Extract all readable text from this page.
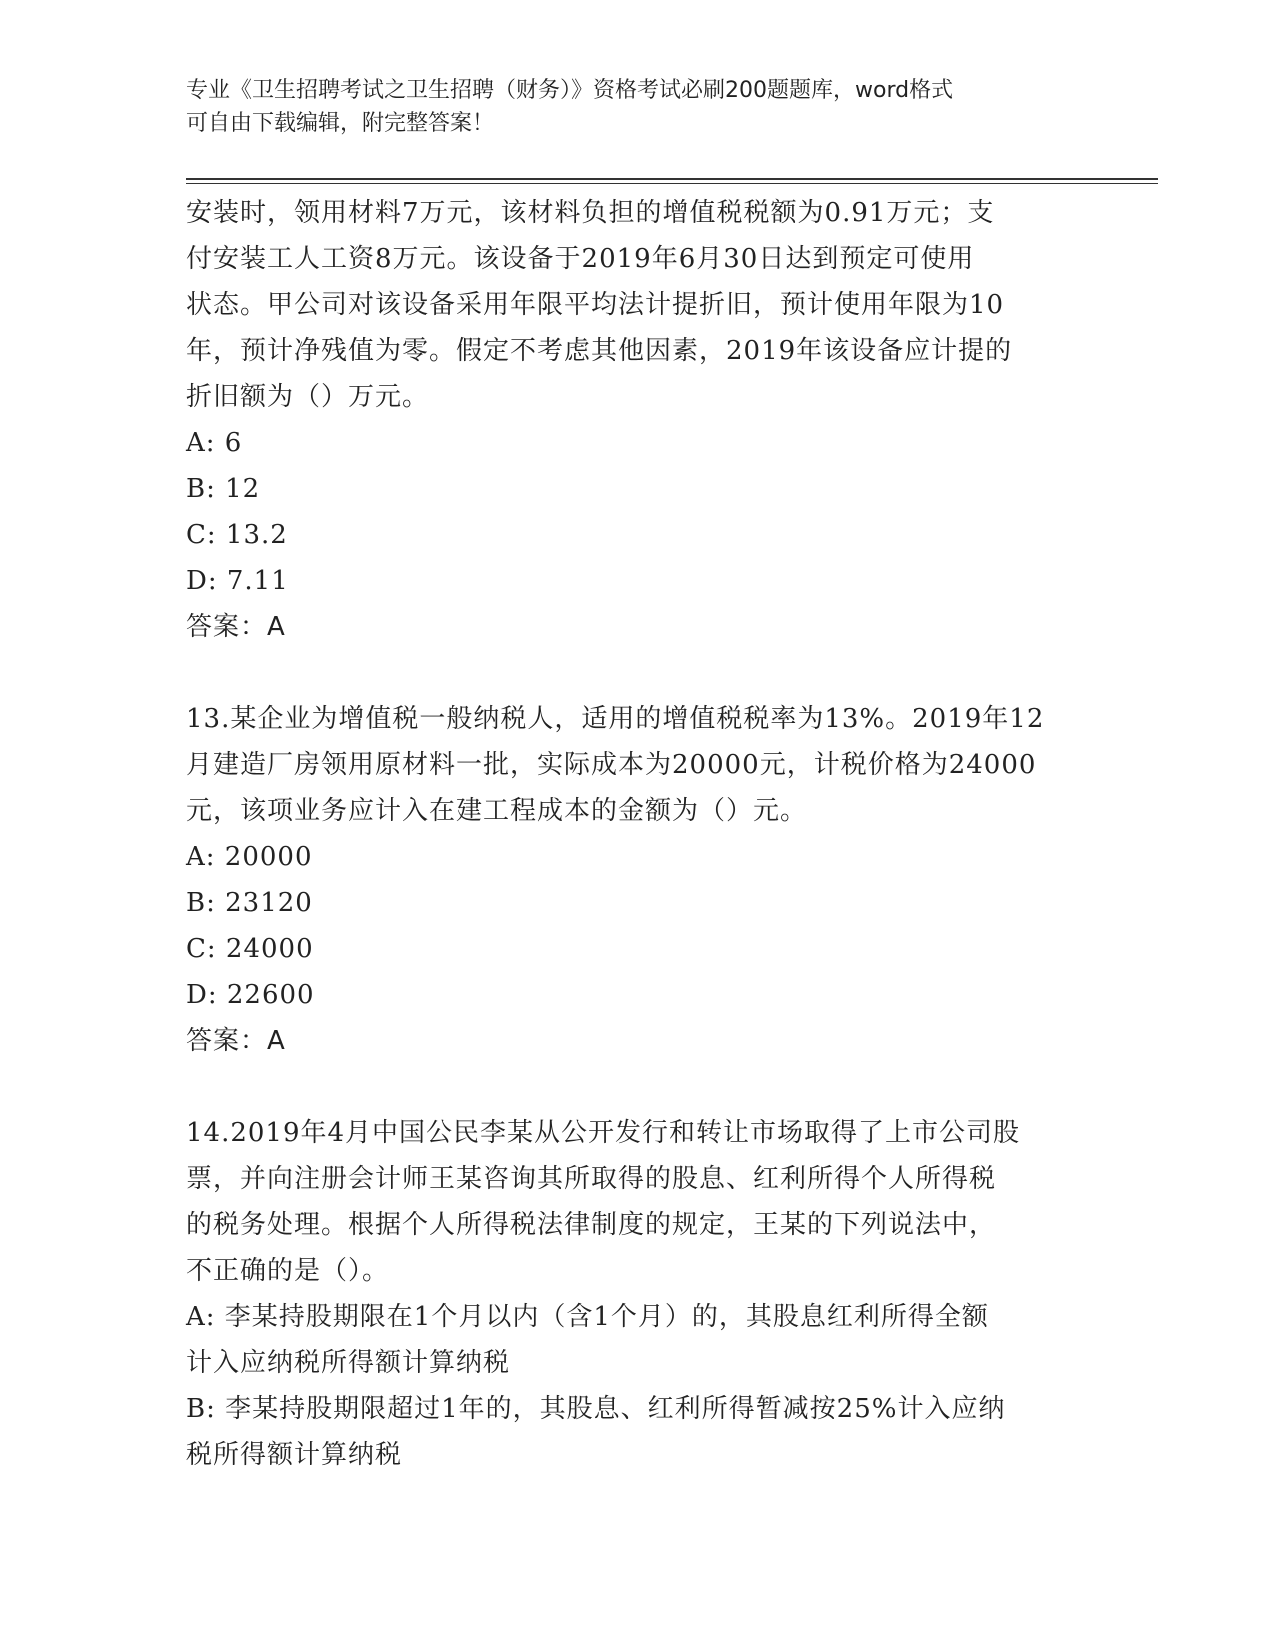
专业《卫生招聘考试之卫生招聘（财务）》资格考试必刷200题题库，word格式
可自由下载编辑，附完整答案！

安装时，领用材料7万元，该材料负担的增值税税额为0.91万元；支

付安装工人工资8万元。该设备于2019年6月30日达到预定可使用

状态。甲公司对该设备采用年限平均法计提折旧，预计使用年限为10

年，预计净残值为零。假定不考虑其他因素，2019年该设备应计提的

折旧额为（）万元。

A: 6

B: 12

C: 13.2

D: 7.11

答案：A

13.某企业为增值税一般纳税人，适用的增值税税率为13%。2019年12

月建造厂房领用原材料一批，实际成本为20000元，计税价格为24000

元，该项业务应计入在建工程成本的金额为（）元。

A: 20000

B: 23120

C: 24000

D: 22600

答案：A

14.2019年4月中国公民李某从公开发行和转让市场取得了上市公司股

票，并向注册会计师王某咨询其所取得的股息、红利所得个人所得税

的税务处理。根据个人所得税法律制度的规定，王某的下列说法中，

不正确的是（）。

A: 李某持股期限在1个月以内（含1个月）的，其股息红利所得全额

计入应纳税所得额计算纳税

B: 李某持股期限超过1年的，其股息、红利所得暂减按25%计入应纳

税所得额计算纳税
